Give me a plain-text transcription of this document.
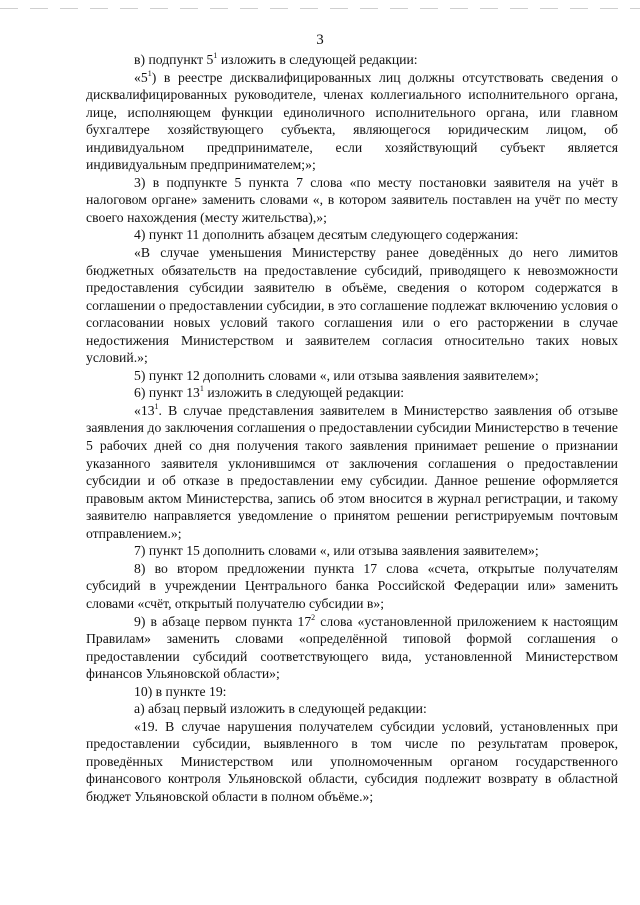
3

в) подпункт $5^1$ изложить в следующей редакции:

«$5^1$) в реестре дисквалифицированных лиц должны отсутствовать сведения о дисквалифицированных руководителе, членах коллегиального исполнительного органа, лице, исполняющем функции единоличного исполнительного органа, или главном бухгалтере хозяйствующего субъекта, являющегося юридическим лицом, об индивидуальном предпринимателе, если хозяйствующий субъект является индивидуальным предпринимателем;»;

3) в подпункте 5 пункта 7 слова «по месту постановки заявителя на учёт в налоговом органе» заменить словами «, в котором заявитель поставлен на учёт по месту своего нахождения (месту жительства),»;

4) пункт 11 дополнить абзацем десятым следующего содержания:

«В случае уменьшения Министерству ранее доведённых до него лимитов бюджетных обязательств на предоставление субсидий, приводящего к невозможности предоставления субсидии заявителю в объёме, сведения о котором содержатся в соглашении о предоставлении субсидии, в это соглашение подлежат включению условия о согласовании новых условий такого соглашения или о его расторжении в случае недостижения Министерством и заявителем согласия относительно таких новых условий.»;

5) пункт 12 дополнить словами «, или отзыва заявления заявителем»;

6) пункт $13^1$ изложить в следующей редакции:

«$13^1$. В случае представления заявителем в Министерство заявления об отзыве заявления до заключения соглашения о предоставлении субсидии Министерство в течение 5 рабочих дней со дня получения такого заявления принимает решение о признании указанного заявителя уклонившимся от заключения соглашения о предоставлении субсидии и об отказе в предоставлении ему субсидии. Данное решение оформляется правовым актом Министерства, запись об этом вносится в журнал регистрации, и такому заявителю направляется уведомление о принятом решении регистрируемым почтовым отправлением.»;

7) пункт 15 дополнить словами «, или отзыва заявления заявителем»;

8) во втором предложении пункта 17 слова «счета, открытые получателям субсидий в учреждении Центрального банка Российской Федерации или» заменить словами «счёт, открытый получателю субсидии в»;

9) в абзаце первом пункта $17^2$ слова «установленной приложением к настоящим Правилам» заменить словами «определённой типовой формой соглашения о предоставлении субсидий соответствующего вида, установленной Министерством финансов Ульяновской области»;

10) в пункте 19:

а) абзац первый изложить в следующей редакции:

«19. В случае нарушения получателем субсидии условий, установленных при предоставлении субсидии, выявленного в том числе по результатам проверок, проведённых Министерством или уполномоченным органом государственного финансового контроля Ульяновской области, субсидия подлежит возврату в областной бюджет Ульяновской области в полном объёме.»;
